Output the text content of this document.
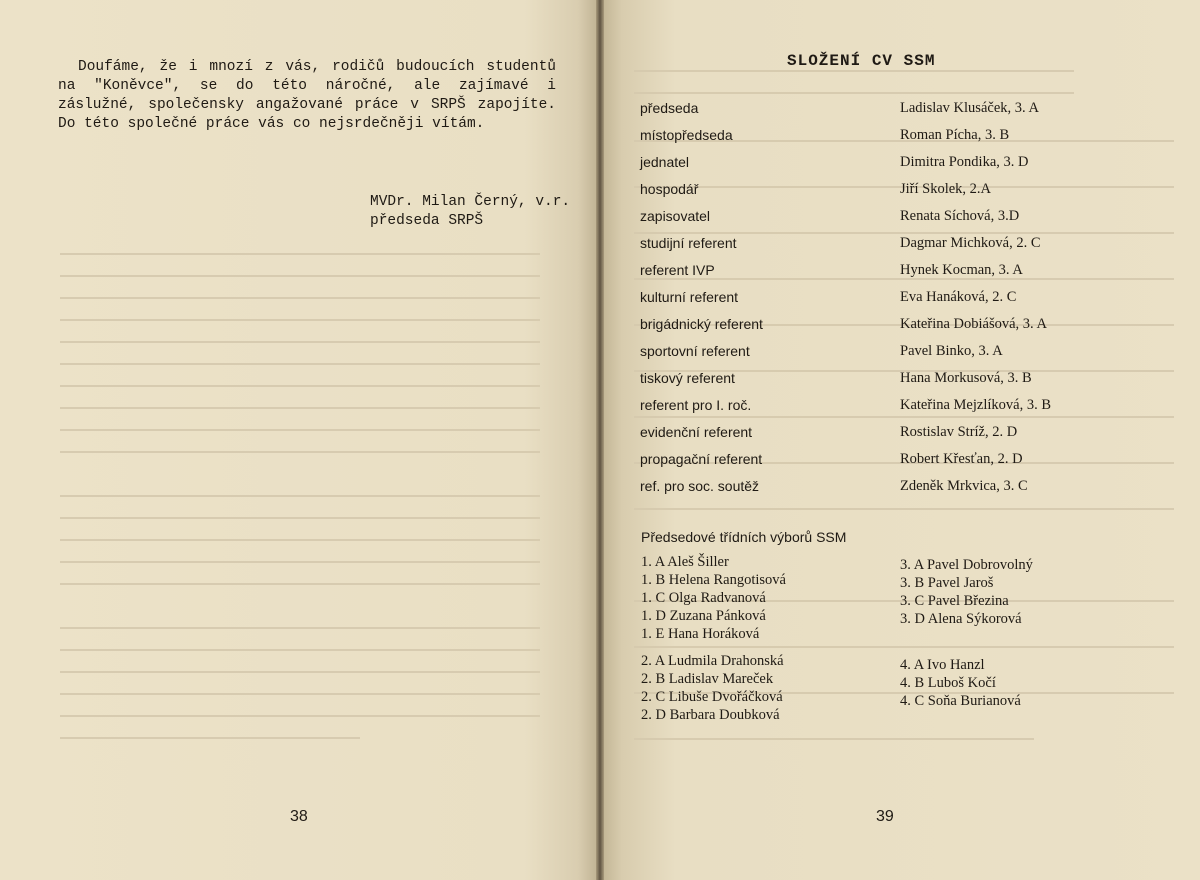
Doufáme, že i mnozí z vás, rodičů budoucích studentů na "Koněvce", se do této náročné, ale zajímavé i záslužné, společensky angažované práce v SRPŠ zapojíte. Do této společné práce vás co nejsrdečněji vítám.

MVDr. Milan Černý, v.r.
předseda SRPŠ
38
SLOŽENÍ CV SSM
předseda	Ladislav Klusáček, 3. A
místopředseda	Roman Pícha, 3. B
jednatel	Dimitra Pondika, 3. D
hospodář	Jiří Skolek, 2.A
zapisovatel	Renata Síchová, 3.D
studijní referent	Dagmar Michková, 2. C
referent IVP	Hynek Kocman, 3. A
kulturní referent	Eva Hanáková, 2. C
brigádnický referent	Kateřina Dobiášová, 3. A
sportovní referent	Pavel Binko, 3. A
tiskový referent	Hana Morkusová, 3. B
referent pro I. roč.	Kateřina Mejzlíková, 3. B
evidenční referent	Rostislav Stríž, 2. D
propagační referent	Robert Křesťan, 2. D
ref. pro soc. soutěž	Zdeněk Mrkvica, 3. C
Předsedové třídních výborů SSM
1. A Aleš Šiller
1. B Helena Rangotisová
1. C Olga Radvanová
1. D Zuzana Pánková
1. E Hana Horáková
2. A Ludmila Drahonská
2. B Ladislav Mareček
2. C Libuše Dvořáčková
2. D Barbara Doubková
3. A Pavel Dobrovolný
3. B Pavel Jaroš
3. C Pavel Březina
3. D Alena Sýkorová
4. A Ivo Hanzl
4. B Luboš Kočí
4. C Soňa Burianová
39
